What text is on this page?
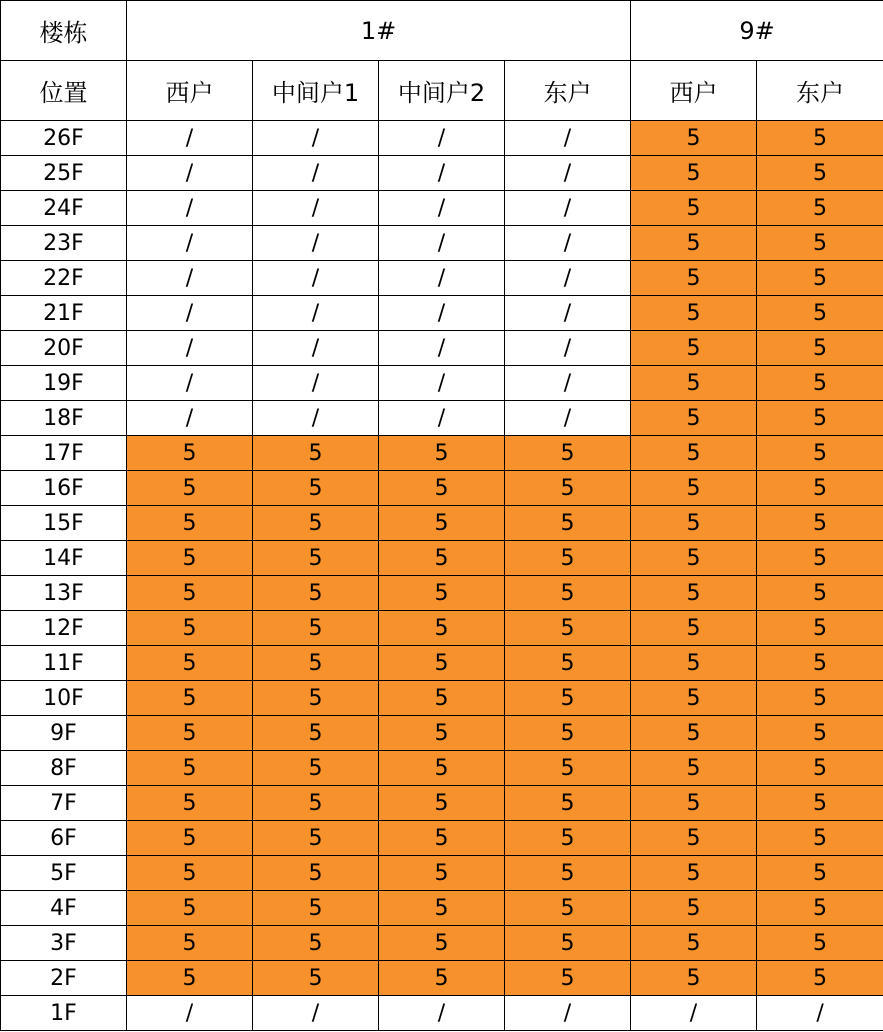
楼栋	1#				9#	
位置	西户	中间户1	中间户2	东户	西户	东户
26F	/	/	/	/	5	5
25F	/	/	/	/	5	5
24F	/	/	/	/	5	5
23F	/	/	/	/	5	5
22F	/	/	/	/	5	5
21F	/	/	/	/	5	5
20F	/	/	/	/	5	5
19F	/	/	/	/	5	5
18F	/	/	/	/	5	5
17F	5	5	5	5	5	5
16F	5	5	5	5	5	5
15F	5	5	5	5	5	5
14F	5	5	5	5	5	5
13F	5	5	5	5	5	5
12F	5	5	5	5	5	5
11F	5	5	5	5	5	5
10F	5	5	5	5	5	5
9F	5	5	5	5	5	5
8F	5	5	5	5	5	5
7F	5	5	5	5	5	5
6F	5	5	5	5	5	5
5F	5	5	5	5	5	5
4F	5	5	5	5	5	5
3F	5	5	5	5	5	5
2F	5	5	5	5	5	5
1F	/	/	/	/	/	/
